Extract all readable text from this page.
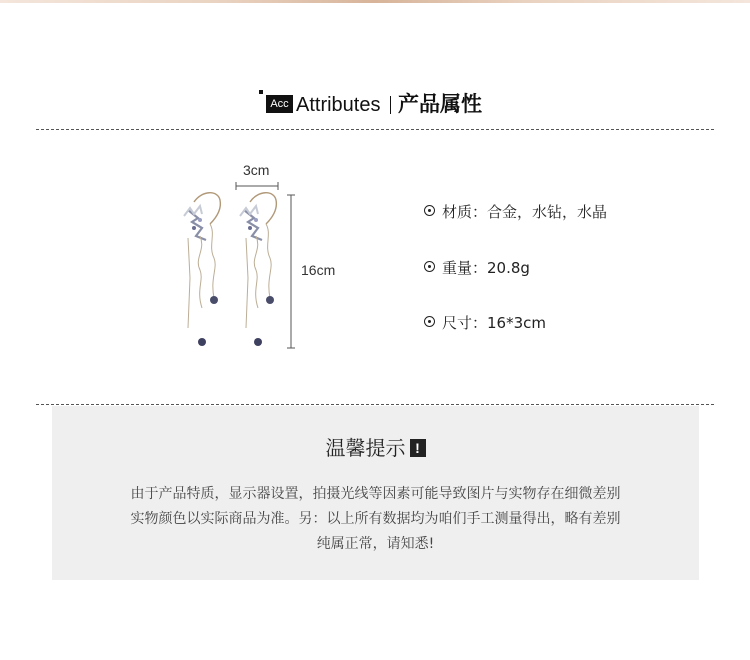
Acc Attributes 产品属性
3cm
16cm
材质：合金，水钻，水晶
重量：20.8g
尺寸：16*3cm
温馨提示 !
由于产品特质，显示器设置，拍摄光线等因素可能导致图片与实物存在细微差别
实物颜色以实际商品为准。另：以上所有数据均为咱们手工测量得出，略有差别
纯属正常，请知悉!
